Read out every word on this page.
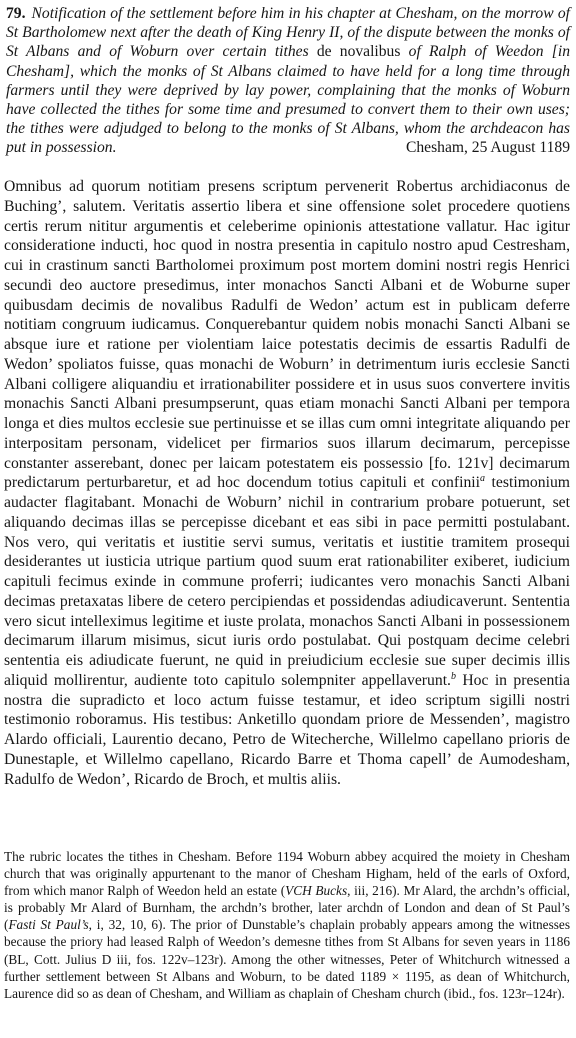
79. Notification of the settlement before him in his chapter at Chesham, on the morrow of St Bartholomew next after the death of King Henry II, of the dispute between the monks of St Albans and of Woburn over certain tithes de novalibus of Ralph of Weedon [in Chesham], which the monks of St Albans claimed to have held for a long time through farmers until they were deprived by lay power, complaining that the monks of Woburn have collected the tithes for some time and presumed to convert them to their own uses; the tithes were adjudged to belong to the monks of St Albans, whom the archdeacon has put in possession.	Chesham, 25 August 1189
Omnibus ad quorum notitiam presens scriptum pervenerit Robertus archidiaconus de Buching’, salutem. Veritatis assertio libera et sine offensione solet procedere quotiens certis rerum nititur argumentis et celeberime opinionis attestatione vallatur. Hac igitur consideratione inducti, hoc quod in nostra presentia in capitulo nostro apud Cestresham, cui in crastinum sancti Bartholomei proximum post mortem domini nostri regis Henrici secundi deo auctore presedimus, inter monachos Sancti Albani et de Woburne super quibusdam decimis de novalibus Radulfi de Wedon’ actum est in publicam deferre notitiam congruum iudicamus. Conquerebantur quidem nobis monachi Sancti Albani se absque iure et ratione per violentiam laice potestatis decimis de essartis Radulfi de Wedon’ spoliatos fuisse, quas monachi de Woburn’ in detrimentum iuris ecclesie Sancti Albani colligere aliquandiu et irrationabiliter possidere et in usus suos convertere invitis monachis Sancti Albani presumpserunt, quas etiam monachi Sancti Albani per tempora longa et dies multos ecclesie sue pertinuisse et se illas cum omni integritate aliquando per interpositam personam, videlicet per firmarios suos illarum decimarum, percepisse constanter asserebant, donec per laicam potestatem eis possessio [fo. 121v] decimarum predictarum perturbaretur, et ad hoc docendum totius capituli et confinii$^a$ testimonium audacter flagitabant. Monachi de Woburn’ nichil in contrarium probare potuerunt, set aliquando decimas illas se percepisse dicebant et eas sibi in pace permitti postulabant. Nos vero, qui veritatis et iustitie servi sumus, veritatis et iustitie tramitem prosequi desiderantes ut iusticia utrique partium quod suum erat rationabiliter exiberet, iudicium capituli fecimus exinde in commune proferri; iudicantes vero monachis Sancti Albani decimas pretaxatas libere de cetero percipiendas et possidendas adiudicaverunt. Sententia vero sicut intelleximus legitime et iuste prolata, monachos Sancti Albani in possessionem decimarum illarum misimus, sicut iuris ordo postulabat. Qui postquam decime celebri sententia eis adiudicate fuerunt, ne quid in preiudicium ecclesie sue super decimis illis aliquid mollirentur, audiente toto capitulo solempniter appellaverunt.$^b$ Hoc in presentia nostra die supradicto et loco actum fuisse testamur, et ideo scriptum sigilli nostri testimonio roboramus. His testibus: Anketillo quondam priore de Messenden’, magistro Alardo officiali, Laurentio decano, Petro de Witecherche, Willelmo capellano prioris de Dunestaple, et Willelmo capellano, Ricardo Barre et Thoma capell’ de Aumodesham, Radulfo de Wedon’, Ricardo de Broch, et multis aliis.
The rubric locates the tithes in Chesham. Before 1194 Woburn abbey acquired the moiety in Chesham church that was originally appurtenant to the manor of Chesham Higham, held of the earls of Oxford, from which manor Ralph of Weedon held an estate (VCH Bucks, iii, 216). Mr Alard, the archdn’s official, is probably Mr Alard of Burnham, the archdn’s brother, later archdn of London and dean of St Paul’s (Fasti St Paul’s, i, 32, 10, 6). The prior of Dunstable’s chaplain probably appears among the witnesses because the priory had leased Ralph of Weedon’s demesne tithes from St Albans for seven years in 1186 (BL, Cott. Julius D iii, fos. 122v–123r). Among the other witnesses, Peter of Whitchurch witnessed a further settlement between St Albans and Woburn, to be dated 1189 × 1195, as dean of Whitchurch, Laurence did so as dean of Chesham, and William as chaplain of Chesham church (ibid., fos. 123r–124r).
